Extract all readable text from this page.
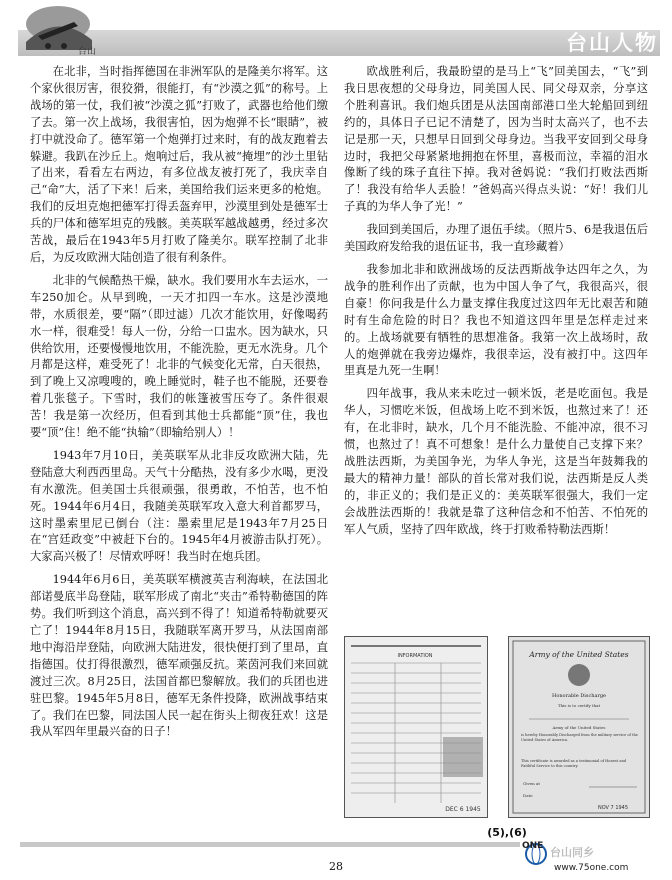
台山	台山人物

在北非，当时指挥德国在非洲军队的是隆美尔将军。这个家伙很厉害，很狡猾，很能打，有“沙漠之狐”的称号。上战场的第一仗，我们被“沙漠之狐”打败了，武器也给他们缴了去。第一次上战场，我很害怕，因为炮弹不长“眼睛”，被打中就没命了。德军第一个炮弹打过来时，有的战友跑着去躲避。我趴在沙丘上。炮响过后，我从被“掩埋”的沙土里钻了出来，看看左右两边，有多位战友被打死了，我庆幸自己“命”大，活了下来！后来，美国给我们运来更多的枪炮。我们的反坦克炮把德军打得丢盔弃甲，沙漠里到处是德军士兵的尸体和德军坦克的残骸。美英联军越战越勇，经过多次苦战，最后在1943年5月打败了隆美尔。联军控制了北非后，为反攻欧洲大陆创造了很有利条件。

北非的气候酷热干燥，缺水。我们要用水车去运水，一车250加仑。从早到晚，一天才扣四一车水。这是沙漠地带，水质很差，要“隔”（即过滤）几次才能饮用，好像喝药水一样，很难受！每人一份，分给一口盅水。因为缺水，只供给饮用，还要慢慢地饮用，不能洗脸，更无水洗身。几个月都是这样，难受死了！北非的气候变化无常，白天很热，到了晚上又凉嗖嗖的，晚上睡觉时，鞋子也不能脱，还要卷着几张毯子。下雪时，我们的帐篷被雪压夸了。条件很艰苦！我是第一次经历，但看到其他士兵都能“顶”住，我也要“顶”住！绝不能“执输”（即输给别人）！

1943年7月10日，美英联军从北非反攻欧洲大陆，先登陆意大利西西里岛。天气十分酷热，没有多少水喝，更没有水激洗。但美国士兵很顽强，很勇敢，不怕苦，也不怕死。1944年6月4日，我随美英联军攻入意大利首都罗马，这时墨索里尼已倒台（注：墨索里尼是1943年7月25日在“宫廷政变”中被赶下台的。1945年4月被游击队打死）。大家高兴极了！尽情欢呼呀！我当时在炮兵团。

1944年6月6日，美英联军横渡英吉利海峡，在法国北部诺曼底半岛登陆，联军形成了南北“夹击”希特勒德国的阵势。我们听到这个消息，高兴到不得了！知道希特勒就要灭亡了！1944年8月15日，我随联军离开罗马，从法国南部地中海沿岸登陆，向欧洲大陆进发，很快便打到了里昂，直指德国。仗打得很激烈，德军顽强反抗。莱茵河我们来回就渡过三次。8月25日，法国首都巴黎解放。我们的兵团也进驻巴黎。1945年5月8日，德军无条件投降，欧洲战事结束了。我们在巴黎，同法国人民一起在街头上彻夜狂欢！这是我从军四年里最兴奋的日子！

欧战胜利后，我最盼望的是马上“飞”回美国去，“飞”到我日思夜想的父母身边，同美国人民、同父母双亲，分享这个胜利喜讯。我们炮兵团是从法国南部港口坐大轮船回到纽约的，具体日子已记不清楚了，因为当时太高兴了，也不去记是那一天，只想早日回到父母身边。当我平安回到父母身边时，我把父母紧紧地拥抱在怀里，喜极而泣，幸福的泪水像断了线的珠子直往下掉。我对爸妈说：“我们打败法西斯了！我没有给华人丢脸！”爸妈高兴得点头说：“好！我们儿子真的为华人争了光！”

我回到美国后，办理了退伍手续。（照片5、6是我退伍后美国政府发给我的退伍证书，我一直珍藏着）

我参加北非和欧洲战场的反法西斯战争达四年之久，为战争的胜利作出了贡献，也为中国人争了气，我很高兴，很自豪！你问我是什么力量支撑住我度过这四年无比艰苦和随时有生命危险的时日？我也不知道这四年里是怎样走过来的。上战场就要有牺牲的思想准备。我第一次上战场时，敌人的炮弹就在我旁边爆炸，我很幸运，没有被打中。这四年里真是九死一生啊！

四年战事，我从来未吃过一顿米饭，老是吃面包。我是华人，习惯吃米饭，但战场上吃不到米饭，也熬过来了！还有，在北非时，缺水，几个月不能洗脸、不能冲凉，很不习惯，也熬过了！真不可想象！是什么力量使自己支撑下来？战胜法西斯，为美国争光，为华人争光，这是当年鼓舞我的最大的精神力量！部队的首长常对我们说，法西斯是反人类的，非正义的；我们是正义的：美英联军很强大，我们一定会战胜法西斯的！我就是靠了这种信念和不怕苦、不怕死的军人气质，坚持了四年欧战，终于打败希特勒法西斯！

INFORMATION
DEC 6 1945
Army of the United States
Honorable Discharge
This is to certify that
Army of the United States
is hereby Honorably Discharged from the military service of the United States of America.
This certificate is awarded as a testimonial of Honest and Faithful Service to this country.
Given at
Date
NOV 7 1945
(5),(6)
ONE 台山同乡
www.75one.com
28
